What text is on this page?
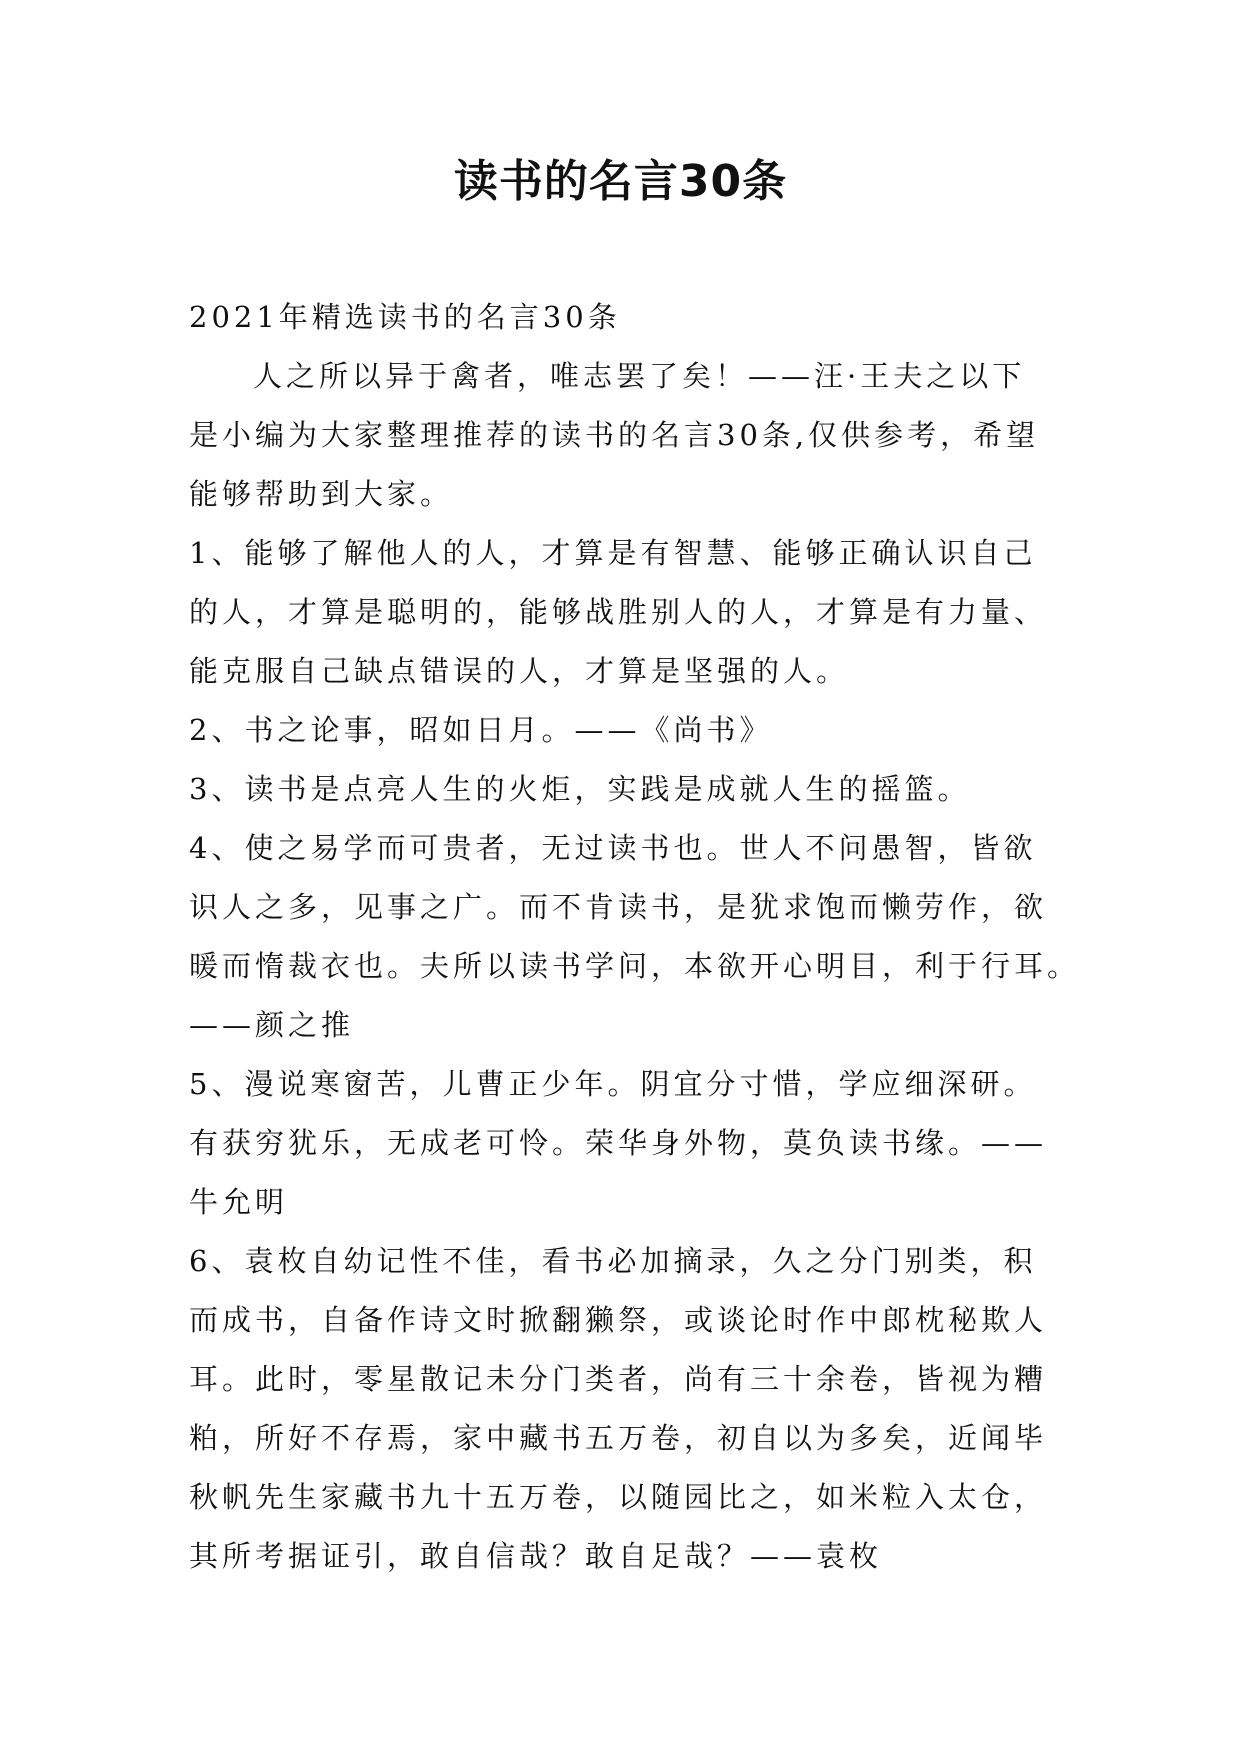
读书的名言30条

2021年精选读书的名言30条

人之所以异于禽者，唯志罢了矣！——汪·王夫之以下

是小编为大家整理推荐的读书的名言30条,仅供参考，希望

能够帮助到大家。

1、能够了解他人的人，才算是有智慧、能够正确认识自己

的人，才算是聪明的，能够战胜别人的人，才算是有力量、

能克服自己缺点错误的人，才算是坚强的人。

2、书之论事，昭如日月。——《尚书》

3、读书是点亮人生的火炬，实践是成就人生的摇篮。

4、使之易学而可贵者，无过读书也。世人不问愚智，皆欲

识人之多，见事之广。而不肯读书，是犹求饱而懒劳作，欲

暖而惰裁衣也。夫所以读书学问，本欲开心明目，利于行耳。

——颜之推

5、漫说寒窗苦，儿曹正少年。阴宜分寸惜，学应细深研。

有获穷犹乐，无成老可怜。荣华身外物，莫负读书缘。——

牛允明

6、袁枚自幼记性不佳，看书必加摘录，久之分门别类，积

而成书，自备作诗文时掀翻獭祭，或谈论时作中郎枕秘欺人

耳。此时，零星散记未分门类者，尚有三十余卷，皆视为糟

粕，所好不存焉，家中藏书五万卷，初自以为多矣，近闻毕

秋帆先生家藏书九十五万卷，以随园比之，如米粒入太仓，

其所考据证引，敢自信哉？敢自足哉？——袁枚
